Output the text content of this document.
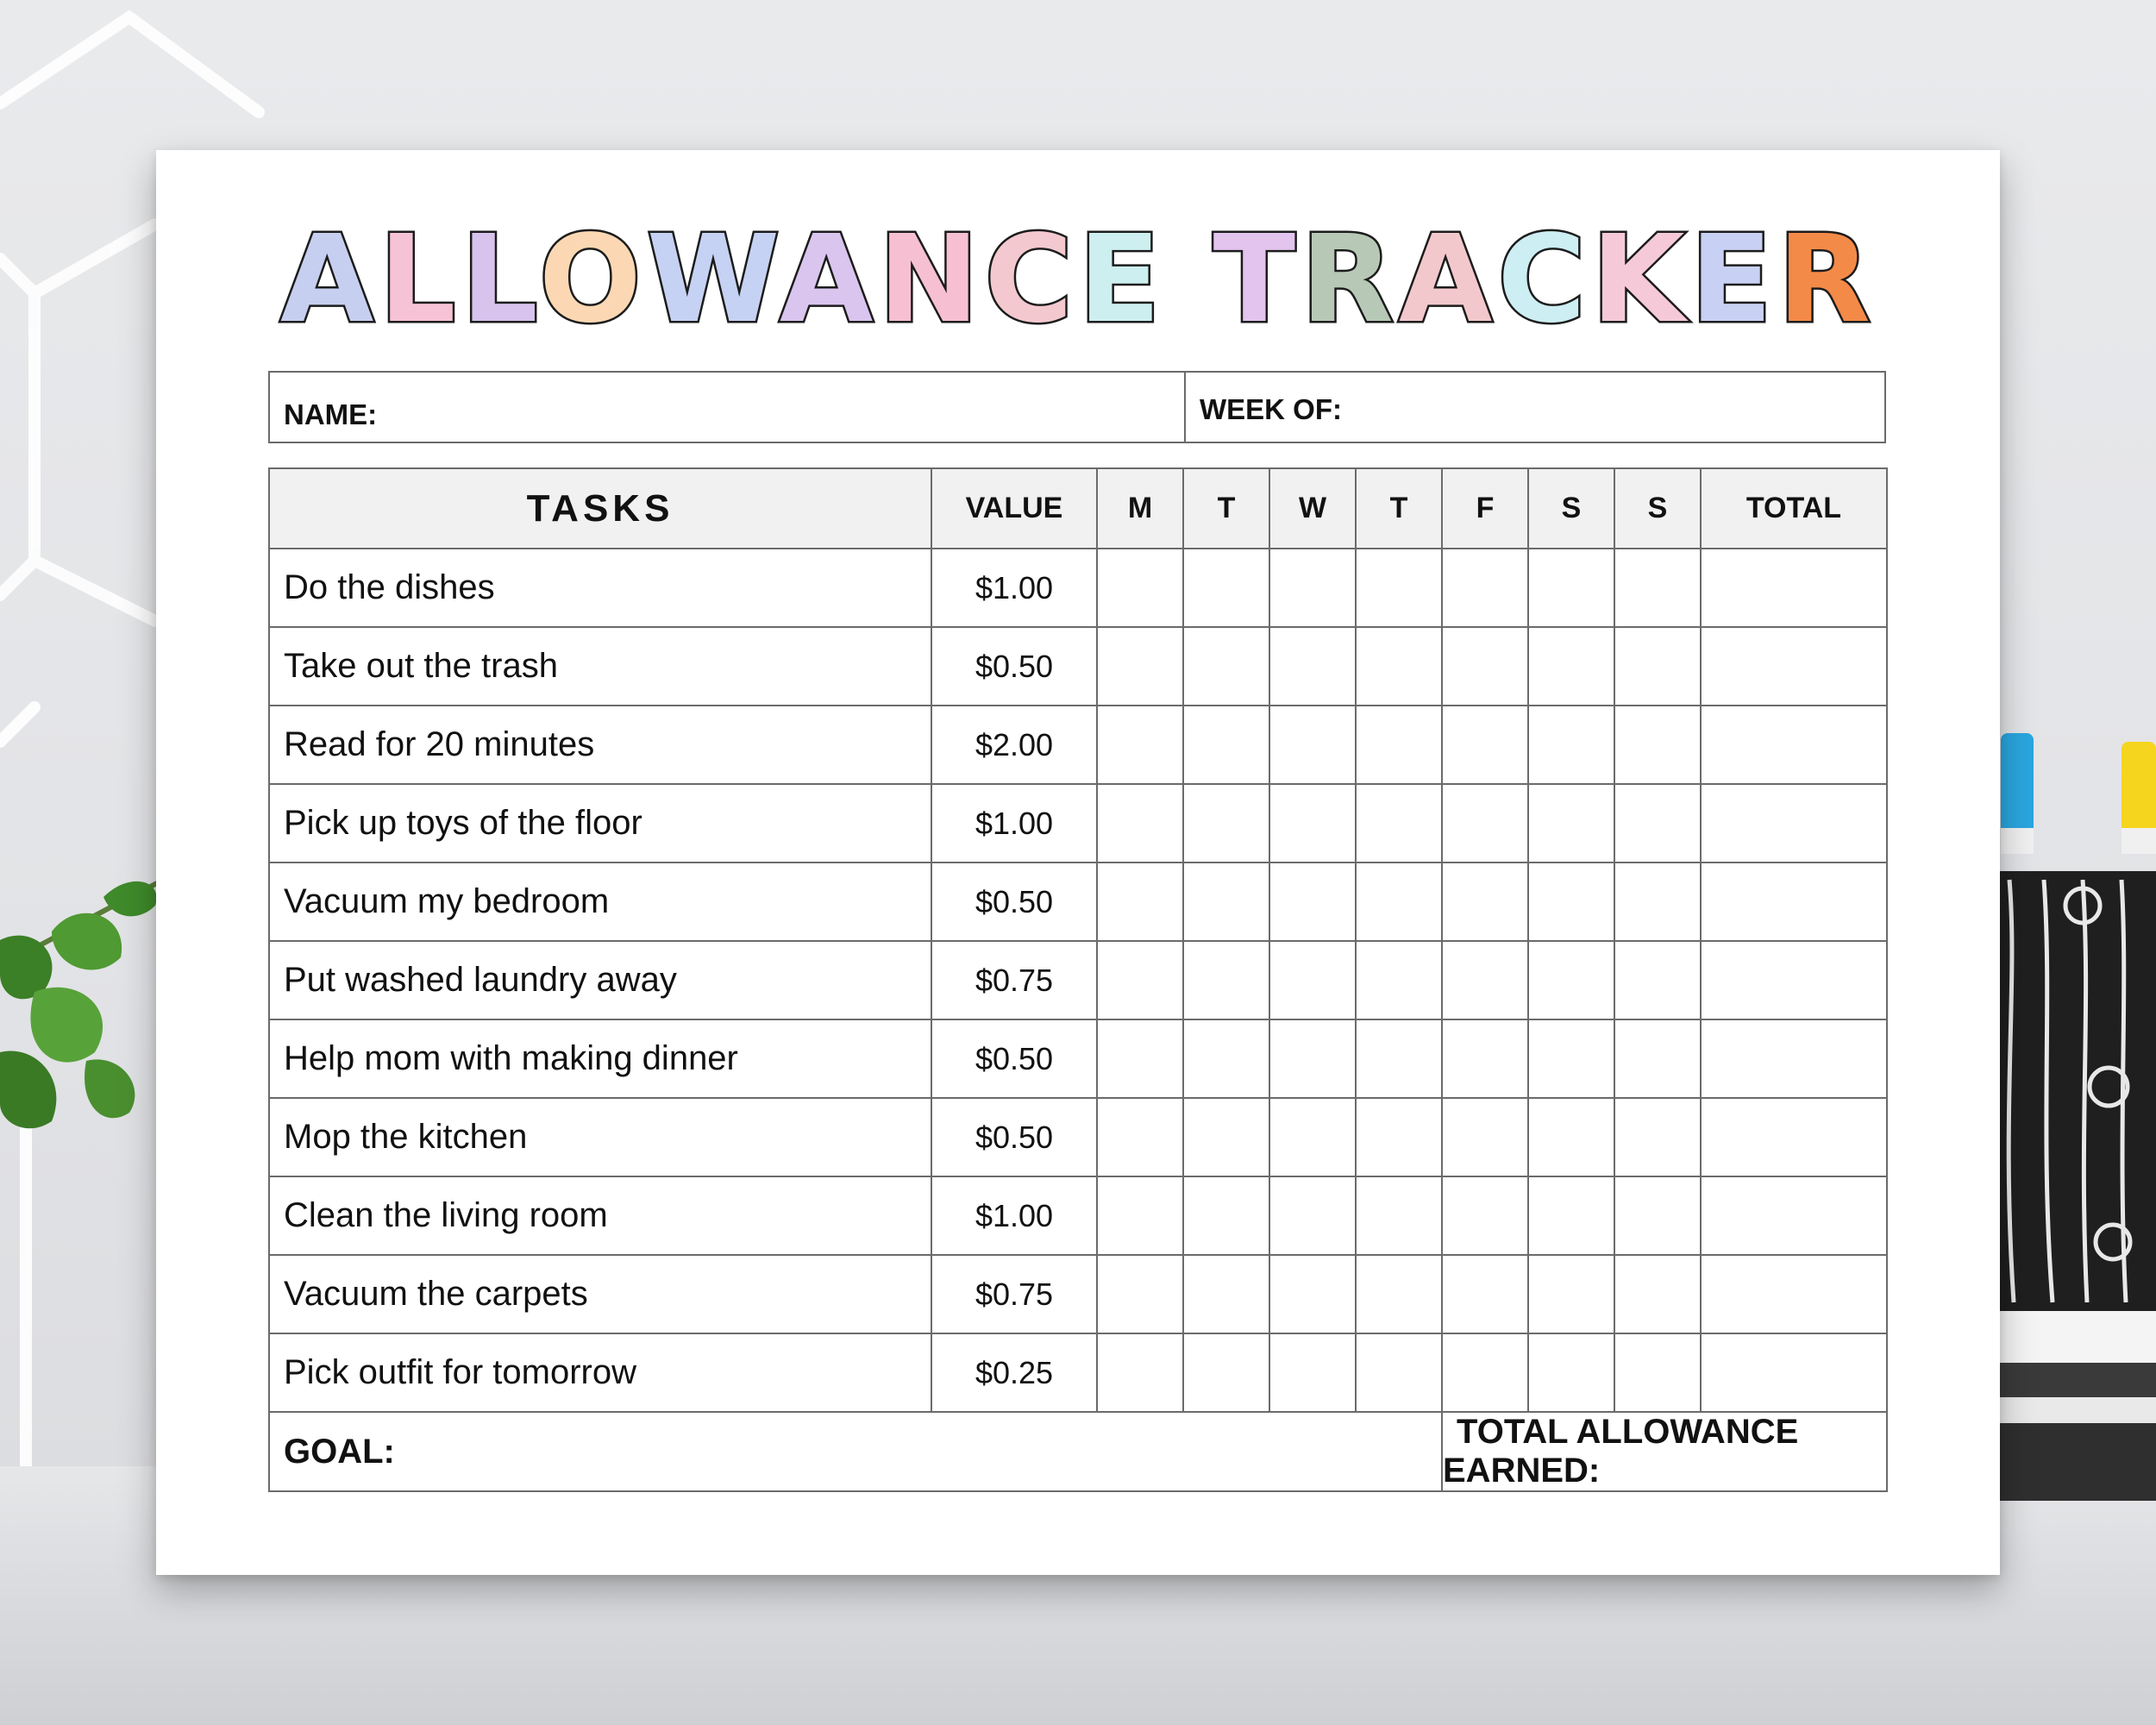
ALLOWANCE TRACKER
NAME:	WEEK OF:
TASKS	VALUE	M	T	W	T	F	S	S	TOTAL
Do the dishes	$1.00								
Take out the trash	$0.50								
Read for 20 minutes	$2.00								
Pick up toys of the floor	$1.00								
Vacuum my bedroom	$0.50								
Put washed laundry away	$0.75								
Help mom with making dinner	$0.50								
Mop the kitchen	$0.50								
Clean the living room	$1.00								
Vacuum the carpets	$0.75								
Pick outfit for tomorrow	$0.25								
GOAL:						TOTAL ALLOWANCE EARNED:			
